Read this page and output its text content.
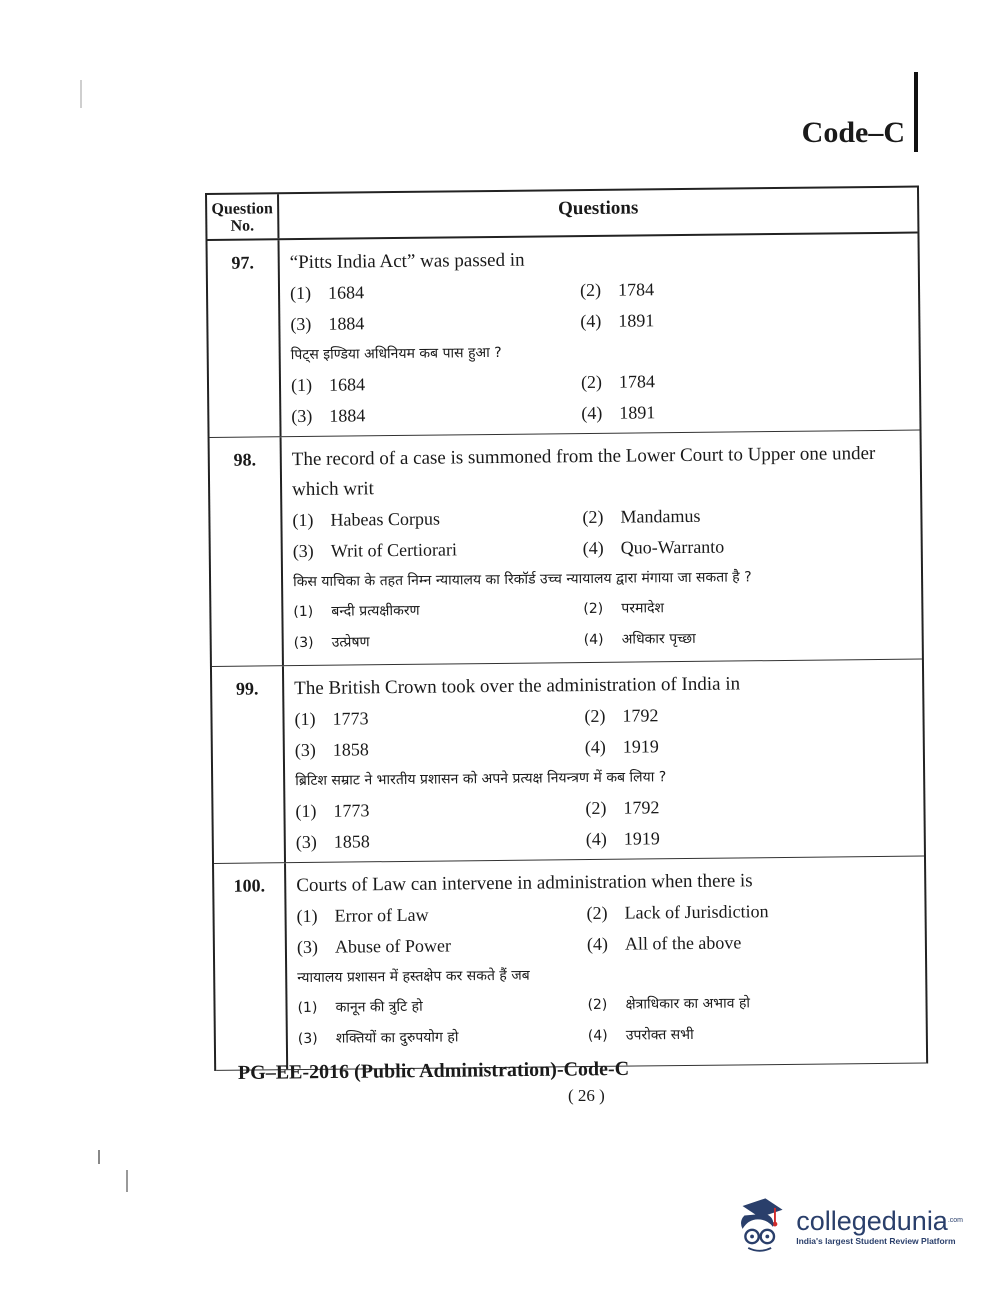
Code–C
Question No.
Questions
97.	“Pitts India Act” was passed in
(1) 1684	(2) 1784
(3) 1884	(4) 1891
पिट्स इण्डिया अधिनियम कब पास हुआ ?
(1) 1684	(2) 1784
(3) 1884	(4) 1891
98.	The record of a case is summoned from the Lower Court to Upper one under which writ
(1) Habeas Corpus	(2) Mandamus
(3) Writ of Certiorari	(4) Quo-Warranto
किस याचिका के तहत निम्न न्यायालय का रिकॉर्ड उच्च न्यायालय द्वारा मंगाया जा सकता है ?
(1) बन्दी प्रत्यक्षीकरण	(2) परमादेश
(3) उत्प्रेषण	(4) अधिकार पृच्छा
99.	The British Crown took over the administration of India in
(1) 1773	(2) 1792
(3) 1858	(4) 1919
ब्रिटिश सम्राट ने भारतीय प्रशासन को अपने प्रत्यक्ष नियन्त्रण में कब लिया ?
(1) 1773	(2) 1792
(3) 1858	(4) 1919
100.	Courts of Law can intervene in administration when there is
(1) Error of Law	(2) Lack of Jurisdiction
(3) Abuse of Power	(4) All of the above
न्यायालय प्रशासन में हस्तक्षेप कर सकते हैं जब
(1) कानून की त्रुटि हो	(2) क्षेत्राधिकार का अभाव हो
(3) शक्तियों का दुरुपयोग हो	(4) उपरोक्त सभी
PG–EE-2016 (Public Administration)-Code-C
( 26 )
collegedunia$^{.com}$
India's largest Student Review Platform
